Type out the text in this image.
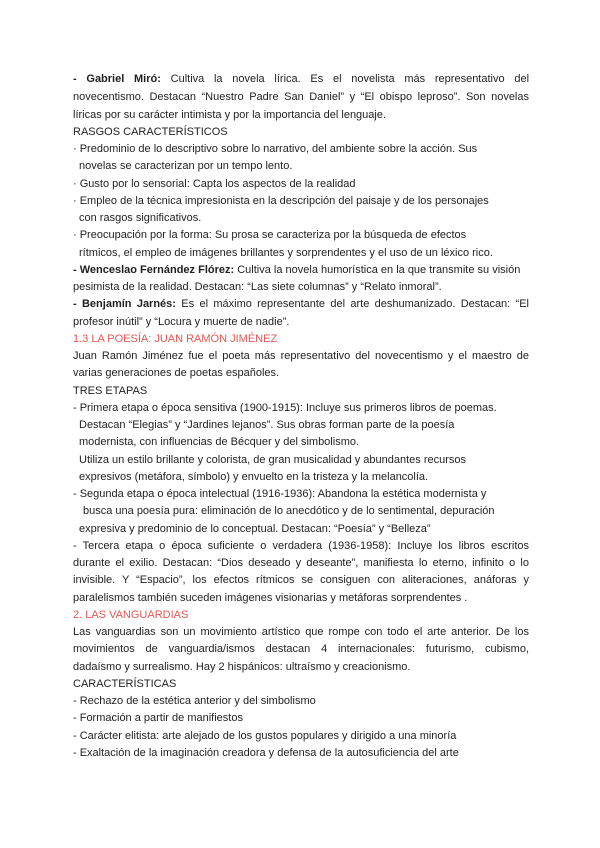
- Gabriel Miró: Cultiva la novela lírica. Es el novelista más representativo del
novecentismo. Destacan “Nuestro Padre San Daniel” y “El obispo leproso”. Son novelas
líricas por su carácter intimista y por la importancia del lenguaje.
RASGOS CARACTERÍSTICOS
· Predominio de lo descriptivo sobre lo narrativo, del ambiente sobre la acción. Sus
novelas se caracterizan por un tempo lento.
· Gusto por lo sensorial: Capta los aspectos de la realidad
· Empleo de la técnica impresionista en la descripción del paisaje y de los personajes
con rasgos significativos.
· Preocupación por la forma: Su prosa se caracteriza por la búsqueda de efectos
rítmicos, el empleo de imágenes brillantes y sorprendentes y el uso de un léxico rico.
- Wenceslao Fernández Flórez: Cultiva la novela humorística en la que transmite su visión
pesimista de la realidad. Destacan: “Las siete columnas” y “Relato inmoral”.
- Benjamín Jarnés: Es el máximo representante del arte deshumanizado. Destacan: “El
profesor inútil” y “Locura y muerte de nadie”.
1.3 LA POESÍA: JUAN RAMÓN JIMÉNEZ
Juan Ramón Jiménez fue el poeta más representativo del novecentismo y el maestro de
varias generaciones de poetas españoles.
TRES ETAPAS
- Primera etapa o época sensitiva (1900-1915): Incluye sus primeros libros de poemas.
Destacan “Elegias” y “Jardines lejanos”. Sus obras forman parte de la poesía
modernista, con influencias de Bécquer y del simbolismo.
Utiliza un estilo brillante y colorista, de gran musicalidad y abundantes recursos
expresivos (metáfora, símbolo) y envuelto en la tristeza y la melancolía.
- Segunda etapa o época intelectual (1916-1936): Abandona la estética modernista y
busca una poesía pura: eliminación de lo anecdótico y de lo sentimental, depuración
expresiva y predominio de lo conceptual. Destacan: “Poesía” y “Belleza”
- Tercera etapa o época suficiente o verdadera (1936-1958): Incluye los libros escritos
durante el exilio. Destacan: “Dios deseado y deseante”, manifiesta lo eterno, infinito o lo
invisible. Y “Espacio”, los efectos rítmicos se consiguen con aliteraciones, anáforas y
paralelismos también suceden imágenes visionarias y metáforas sorprendentes .
2. LAS VANGUARDIAS
Las vanguardias son un movimiento artístico que rompe con todo el arte anterior. De los
movimientos de vanguardia/ismos destacan 4 internacionales: futurismo, cubismo,
dadaísmo y surrealismo. Hay 2 hispánicos: ultraísmo y creacionismo.
CARACTERÍSTICAS
- Rechazo de la estética anterior y del simbolismo
- Formación a partir de manifiestos
- Carácter elitista: arte alejado de los gustos populares y dirigido a una minoría
- Exaltación de la imaginación creadora y defensa de la autosuficiencia del arte
